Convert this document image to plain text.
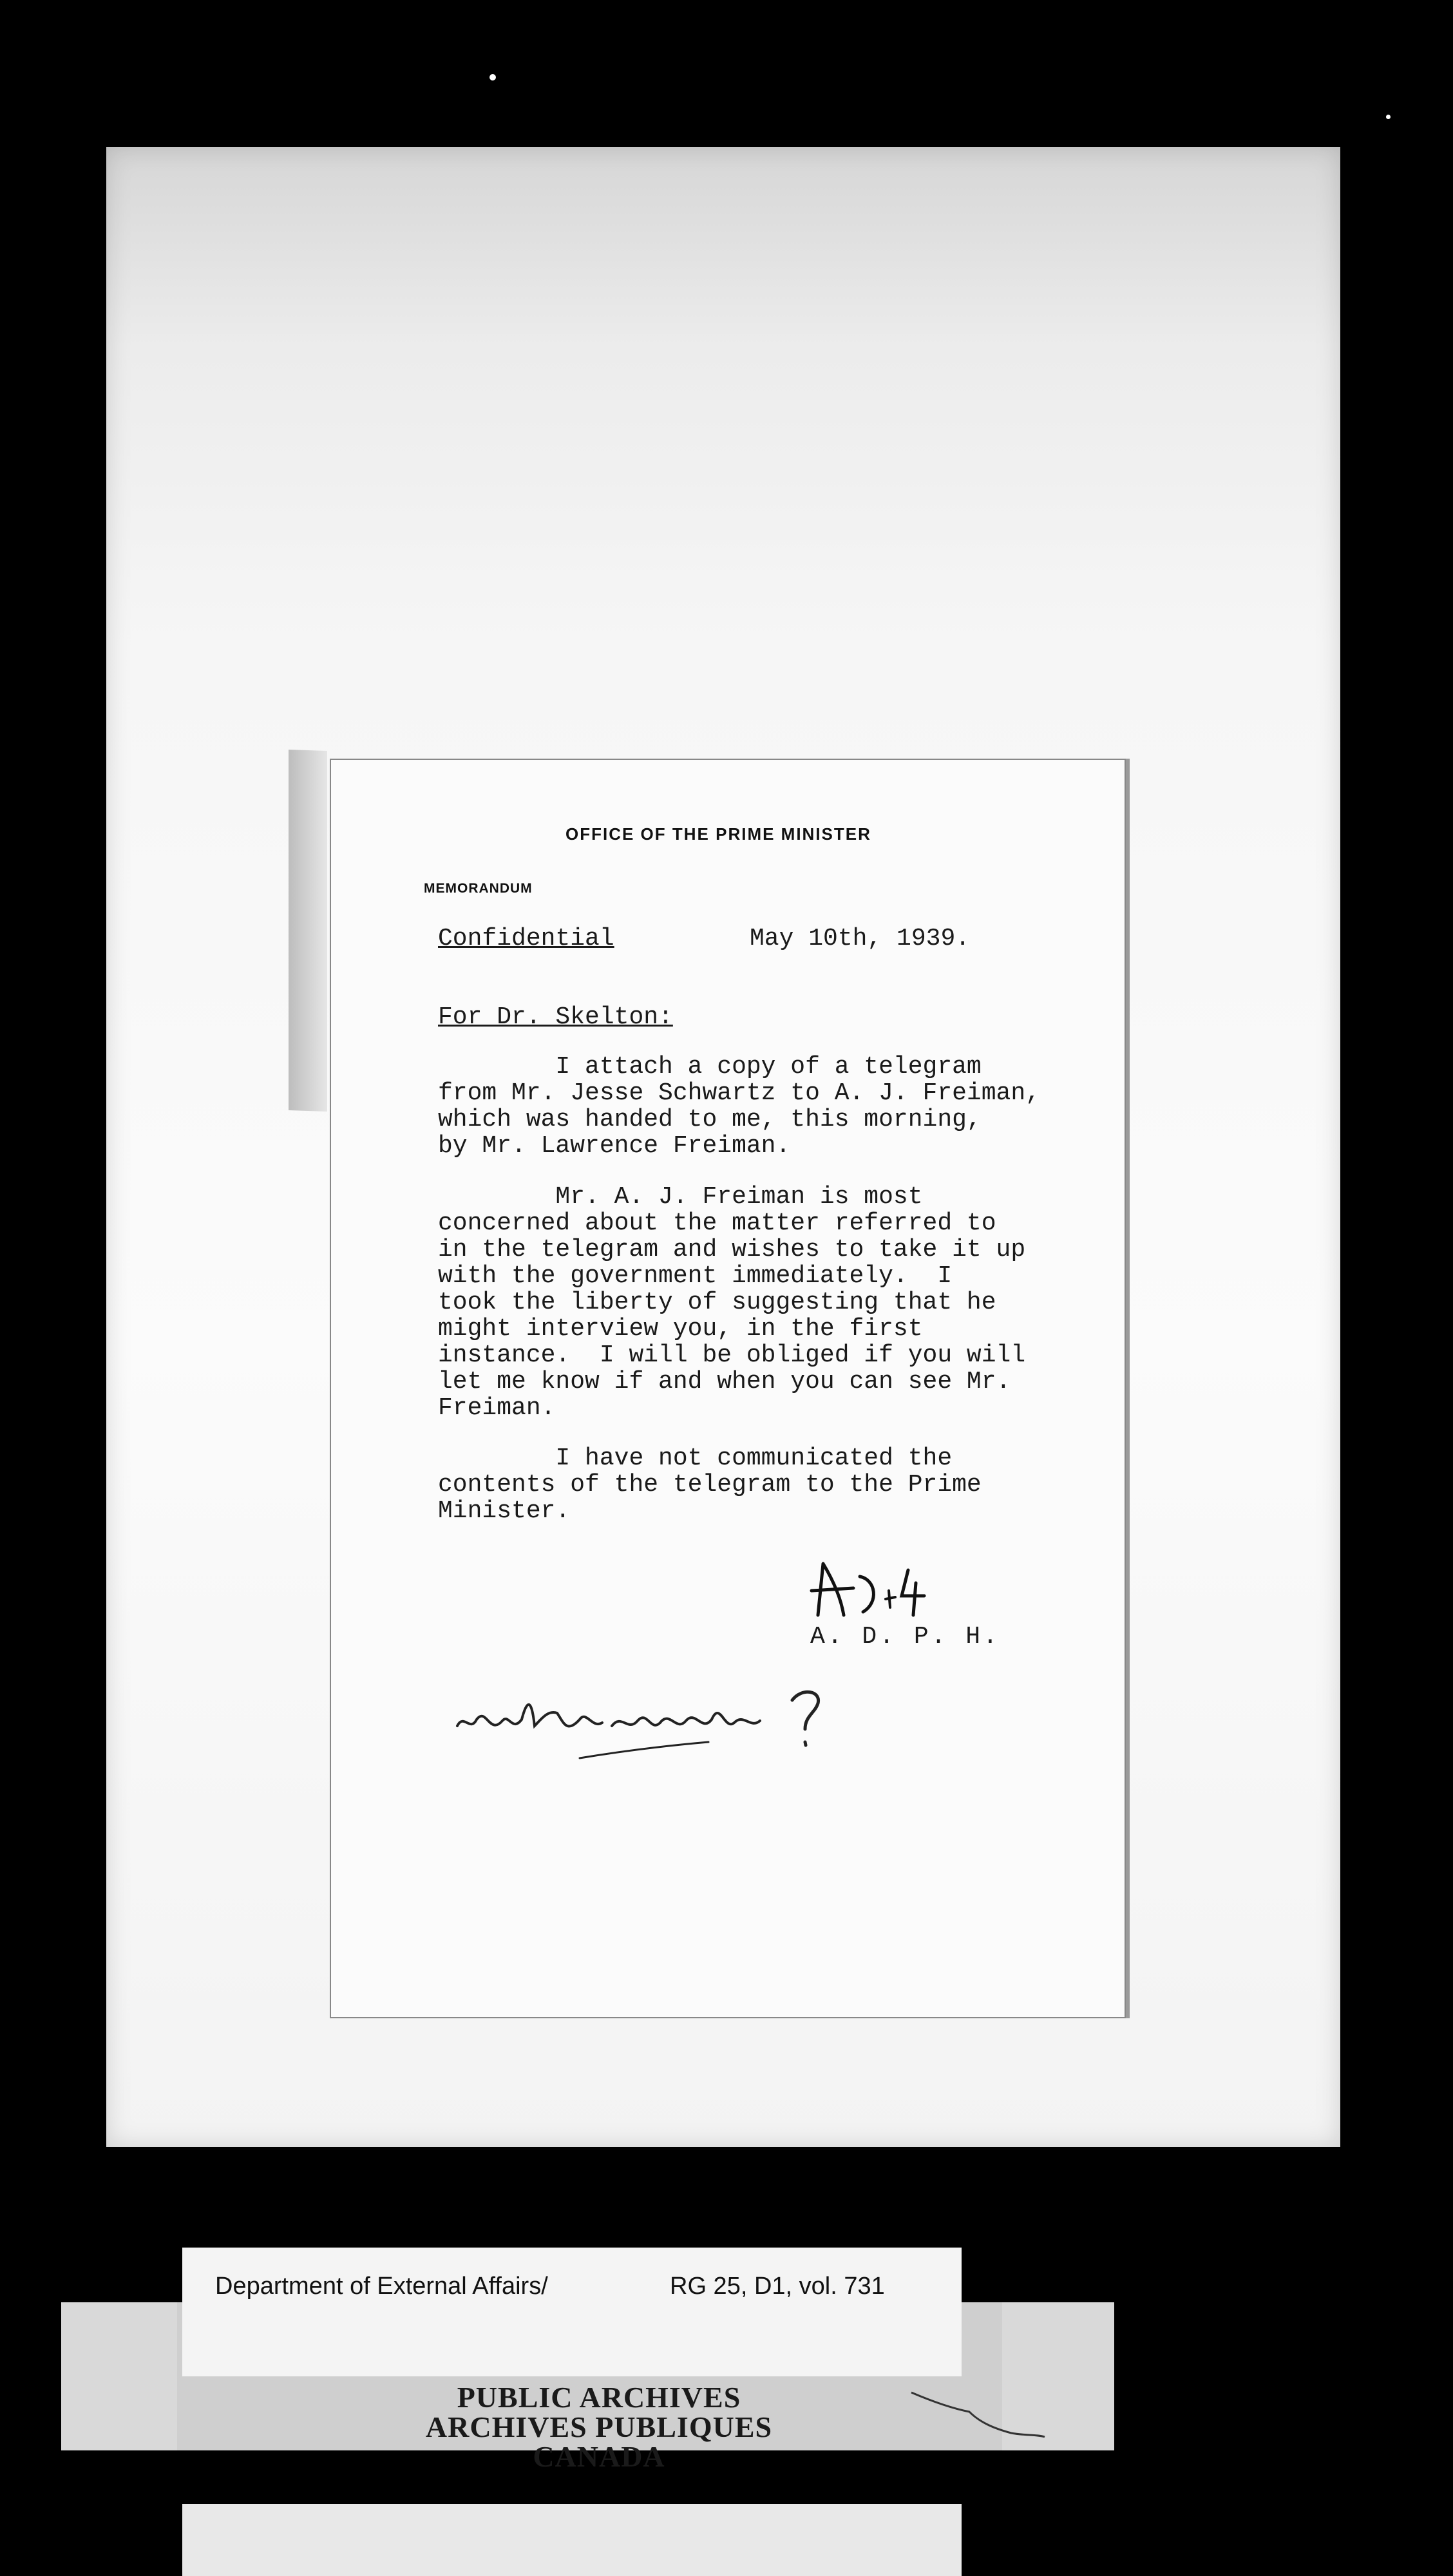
OFFICE OF THE PRIME MINISTER
MEMORANDUM
Confidential	May 10th, 1939.
For Dr. Skelton:
I attach a copy of a telegram
from Mr. Jesse Schwartz to A. J. Freiman,
which was handed to me, this morning,
by Mr. Lawrence Freiman.
Mr. A. J. Freiman is most
concerned about the matter referred to
in the telegram and wishes to take it up
with the government immediately.  I
took the liberty of suggesting that he
might interview you, in the first
instance.  I will be obliged if you will
let me know if and when you can see Mr.
Freiman.
I have not communicated the
contents of the telegram to the Prime
Minister.
A. D. P. H.
Department of External Affairs/	RG 25, D1, vol. 731
PUBLIC ARCHIVES
ARCHIVES PUBLIQUES
CANADA
